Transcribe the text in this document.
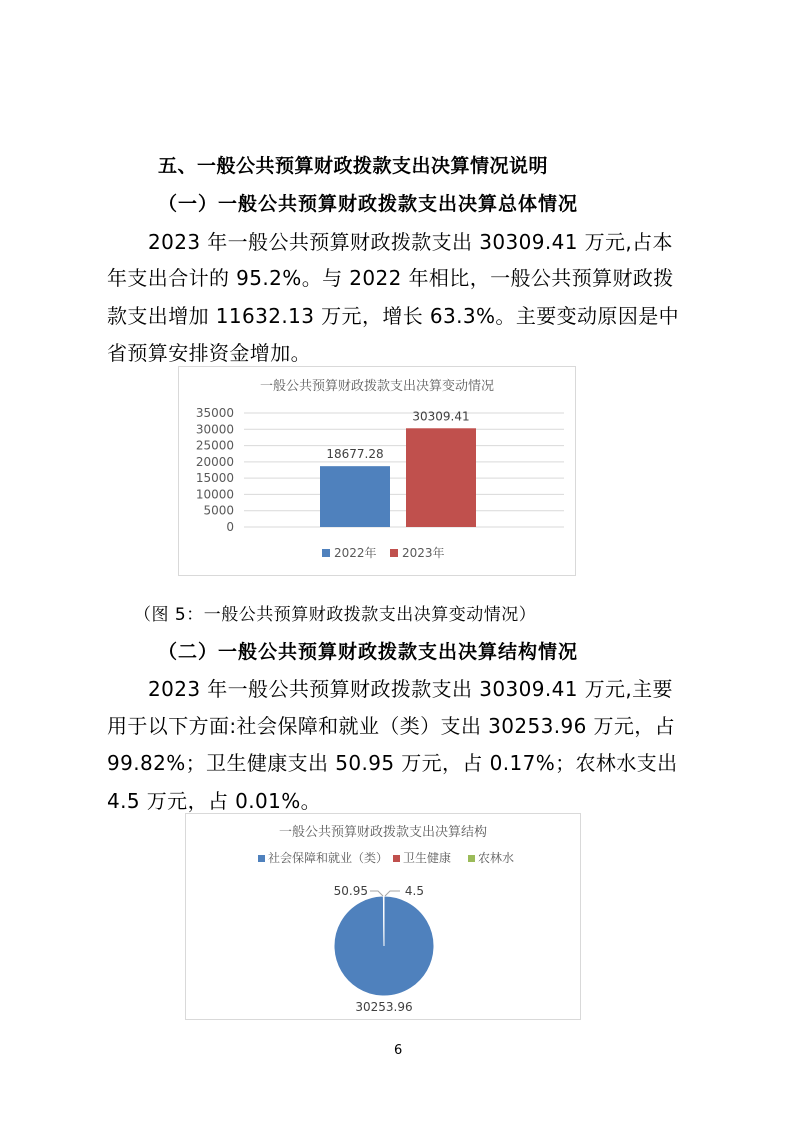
五、一般公共预算财政拨款支出决算情况说明
（一）一般公共预算财政拨款支出决算总体情况
2023 年一般公共预算财政拨款支出 30309.41 万元,占本
年支出合计的 95.2%。与 2022 年相比，一般公共预算财政拨
款支出增加 11632.13 万元，增长 63.3%。主要变动原因是中
省预算安排资金增加。
一般公共预算财政拨款支出决算变动情况
35000
30000
25000
20000
15000
10000
5000
0
18677.28
30309.41
2022年 2023年
（图 5：一般公共预算财政拨款支出决算变动情况）
（二）一般公共预算财政拨款支出决算结构情况
2023 年一般公共预算财政拨款支出 30309.41 万元,主要
用于以下方面:社会保障和就业（类）支出 30253.96 万元，占
99.82%；卫生健康支出 50.95 万元，占 0.17%；农林水支出
4.5 万元，占 0.01%。
一般公共预算财政拨款支出决算结构
社会保障和就业（类） 卫生健康 农林水
30253.96
50.95	4.5
6
